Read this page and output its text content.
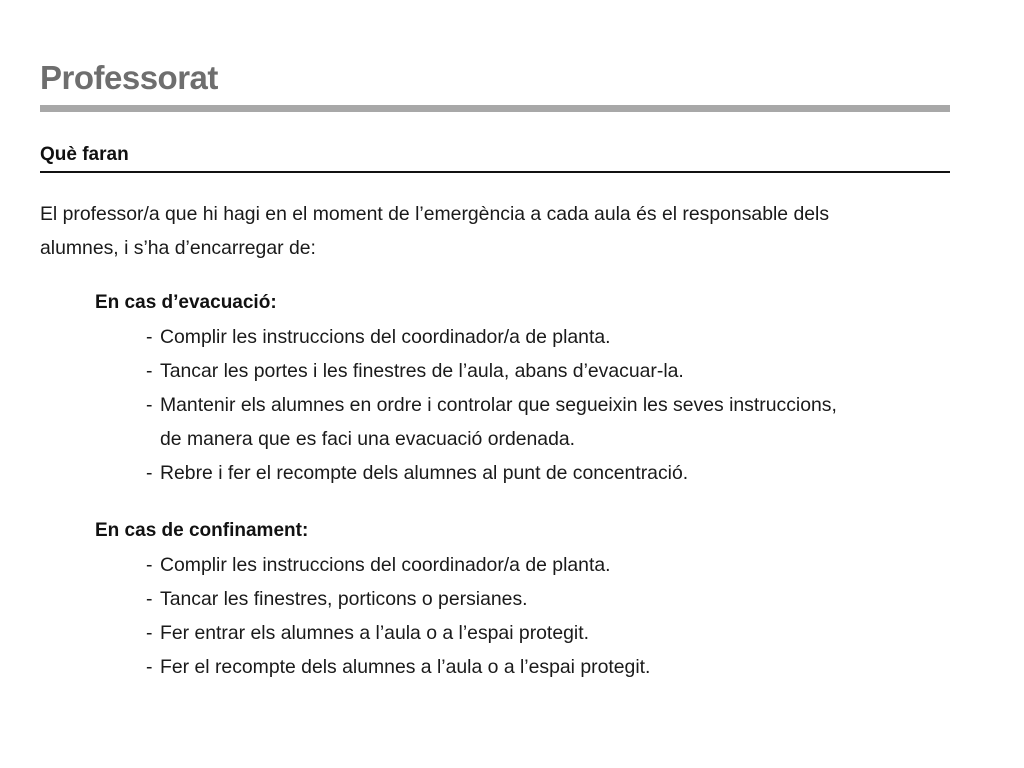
Professorat
Què faran

El professor/a que hi hagi en el moment de l’emergència a cada aula és el responsable dels
alumnes, i s’ha d’encarregar de:

En cas d’evacuació:
- Complir les instruccions del coordinador/a de planta.
- Tancar les portes i les finestres de l’aula, abans d’evacuar-la.
- Mantenir els alumnes en ordre i controlar que segueixin les seves instruccions,
de manera que es faci una evacuació ordenada.
- Rebre i fer el recompte dels alumnes al punt de concentració.
En cas de confinament:
- Complir les instruccions del coordinador/a de planta.
- Tancar les finestres, porticons o persianes.
- Fer entrar els alumnes a l’aula o a l’espai protegit.
- Fer el recompte dels alumnes a l’aula o a l’espai protegit.
